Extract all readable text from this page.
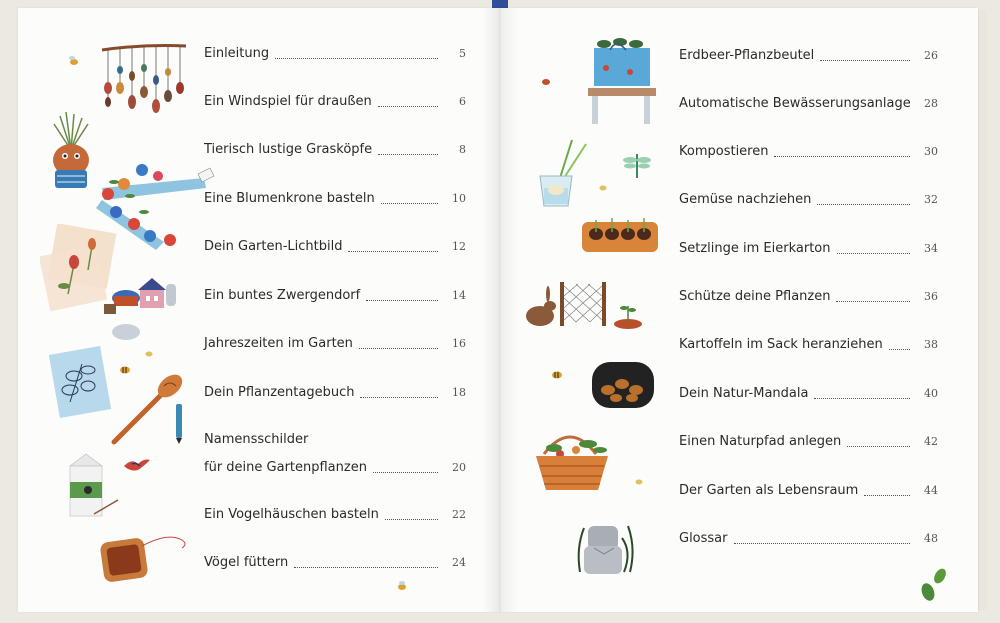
Einleitung	5
Ein Windspiel für draußen	6
Tierisch lustige Grasköpfe	8
Eine Blumenkrone basteln	10
Dein Garten-Lichtbild	12
Ein buntes Zwergendorf	14
Jahreszeiten im Garten	16
Dein Pflanzentagebuch	18
Namensschilder
für deine Gartenpflanzen	20
Ein Vogelhäuschen basteln	22
Vögel füttern	24
Erdbeer-Pflanzbeutel	26
Automatische Bewässerungsanlage	28
Kompostieren	30
Gemüse nachziehen	32
Setzlinge im Eierkarton	34
Schütze deine Pflanzen	36
Kartoffeln im Sack heranziehen	38
Dein Natur-Mandala	40
Einen Naturpfad anlegen	42
Der Garten als Lebensraum	44
Glossar	48
